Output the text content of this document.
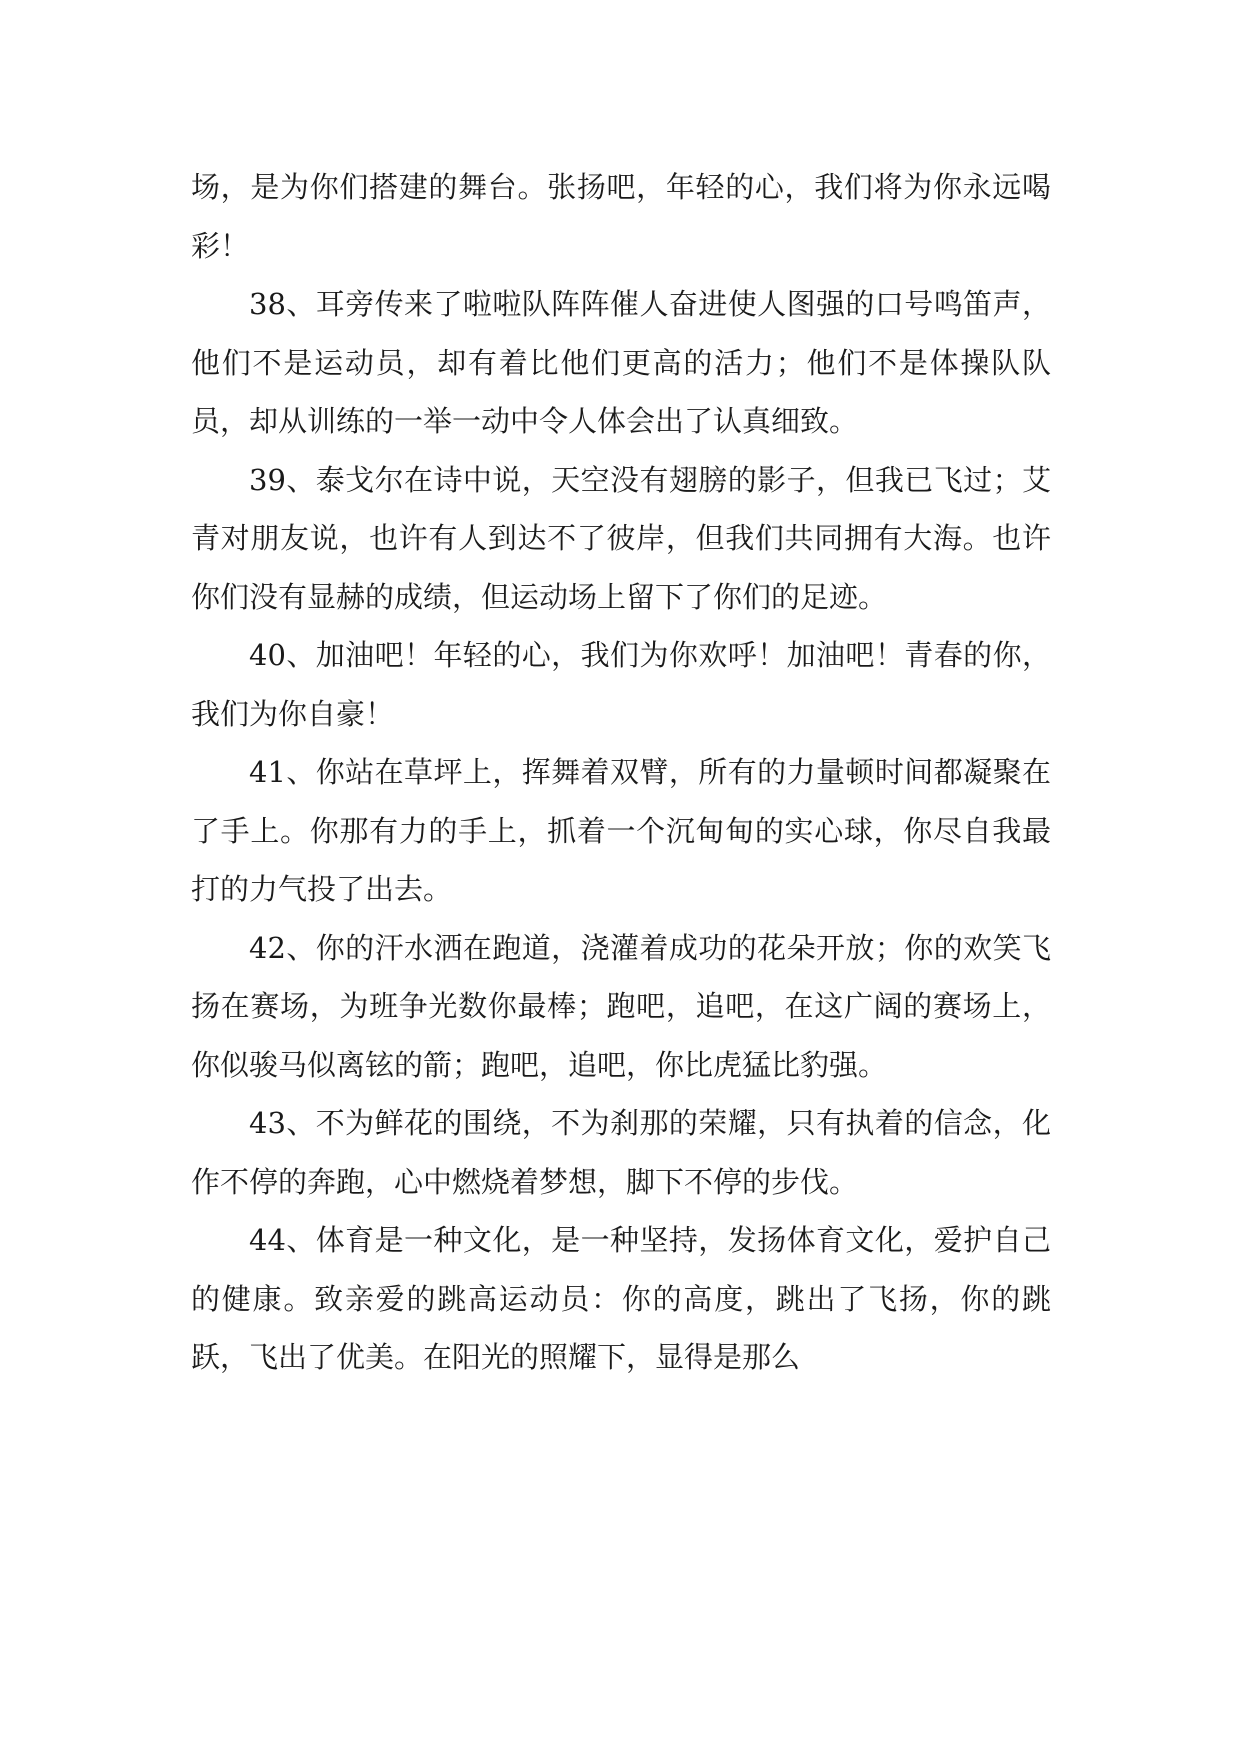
场，是为你们搭建的舞台。张扬吧，年轻的心，我们将为你永远喝彩！

38、耳旁传来了啦啦队阵阵催人奋进使人图强的口号鸣笛声，他们不是运动员，却有着比他们更高的活力；他们不是体操队队员，却从训练的一举一动中令人体会出了认真细致。

39、泰戈尔在诗中说，天空没有翅膀的影子，但我已飞过；艾青对朋友说，也许有人到达不了彼岸，但我们共同拥有大海。也许你们没有显赫的成绩，但运动场上留下了你们的足迹。

40、加油吧！年轻的心，我们为你欢呼！加油吧！青春的你，我们为你自豪！

41、你站在草坪上，挥舞着双臂，所有的力量顿时间都凝聚在了手上。你那有力的手上，抓着一个沉甸甸的实心球，你尽自我最打的力气投了出去。

42、你的汗水洒在跑道，浇灌着成功的花朵开放；你的欢笑飞扬在赛场，为班争光数你最棒；跑吧，追吧，在这广阔的赛场上，你似骏马似离铉的箭；跑吧，追吧，你比虎猛比豹强。

43、不为鲜花的围绕，不为刹那的荣耀，只有执着的信念，化作不停的奔跑，心中燃烧着梦想，脚下不停的步伐。

44、体育是一种文化，是一种坚持，发扬体育文化，爱护自己的健康。致亲爱的跳高运动员：你的高度，跳出了飞扬，你的跳跃，飞出了优美。在阳光的照耀下，显得是那么
